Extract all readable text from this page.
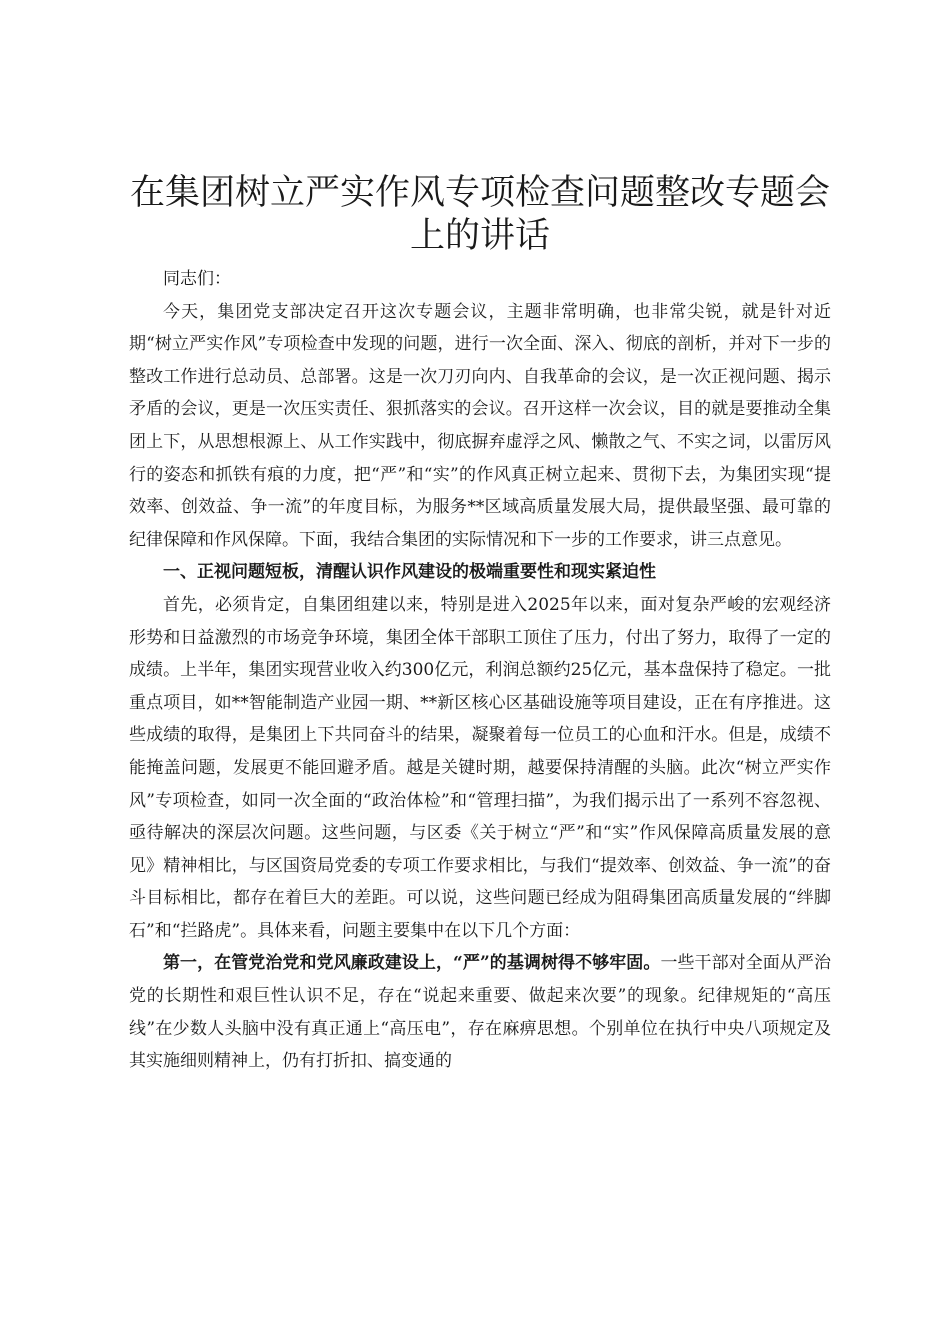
在集团树立严实作风专项检查问题整改专题会上的讲话

同志们：

今天，集团党支部决定召开这次专题会议，主题非常明确，也非常尖锐，就是针对近期“树立严实作风”专项检查中发现的问题，进行一次全面、深入、彻底的剖析，并对下一步的整改工作进行总动员、总部署。这是一次刀刃向内、自我革命的会议，是一次正视问题、揭示矛盾的会议，更是一次压实责任、狠抓落实的会议。召开这样一次会议，目的就是要推动全集团上下，从思想根源上、从工作实践中，彻底摒弃虚浮之风、懒散之气、不实之词，以雷厉风行的姿态和抓铁有痕的力度，把“严”和“实”的作风真正树立起来、贯彻下去，为集团实现“提效率、创效益、争一流”的年度目标，为服务**区域高质量发展大局，提供最坚强、最可靠的纪律保障和作风保障。下面，我结合集团的实际情况和下一步的工作要求，讲三点意见。

一、正视问题短板，清醒认识作风建设的极端重要性和现实紧迫性

首先，必须肯定，自集团组建以来，特别是进入2025年以来，面对复杂严峻的宏观经济形势和日益激烈的市场竞争环境，集团全体干部职工顶住了压力，付出了努力，取得了一定的成绩。上半年，集团实现营业收入约300亿元，利润总额约25亿元，基本盘保持了稳定。一批重点项目，如**智能制造产业园一期、**新区核心区基础设施等项目建设，正在有序推进。这些成绩的取得，是集团上下共同奋斗的结果，凝聚着每一位员工的心血和汗水。但是，成绩不能掩盖问题，发展更不能回避矛盾。越是关键时期，越要保持清醒的头脑。此次“树立严实作风”专项检查，如同一次全面的“政治体检”和“管理扫描”，为我们揭示出了一系列不容忽视、亟待解决的深层次问题。这些问题，与区委《关于树立“严”和“实”作风保障高质量发展的意见》精神相比，与区国资局党委的专项工作要求相比，与我们“提效率、创效益、争一流”的奋斗目标相比，都存在着巨大的差距。可以说，这些问题已经成为阻碍集团高质量发展的“绊脚石”和“拦路虎”。具体来看，问题主要集中在以下几个方面：

第一，在管党治党和党风廉政建设上，“严”的基调树得不够牢固。一些干部对全面从严治党的长期性和艰巨性认识不足，存在“说起来重要、做起来次要”的现象。纪律规矩的“高压线”在少数人头脑中没有真正通上“高压电”，存在麻痹思想。个别单位在执行中央八项规定及其实施细则精神上，仍有打折扣、搞变通的
